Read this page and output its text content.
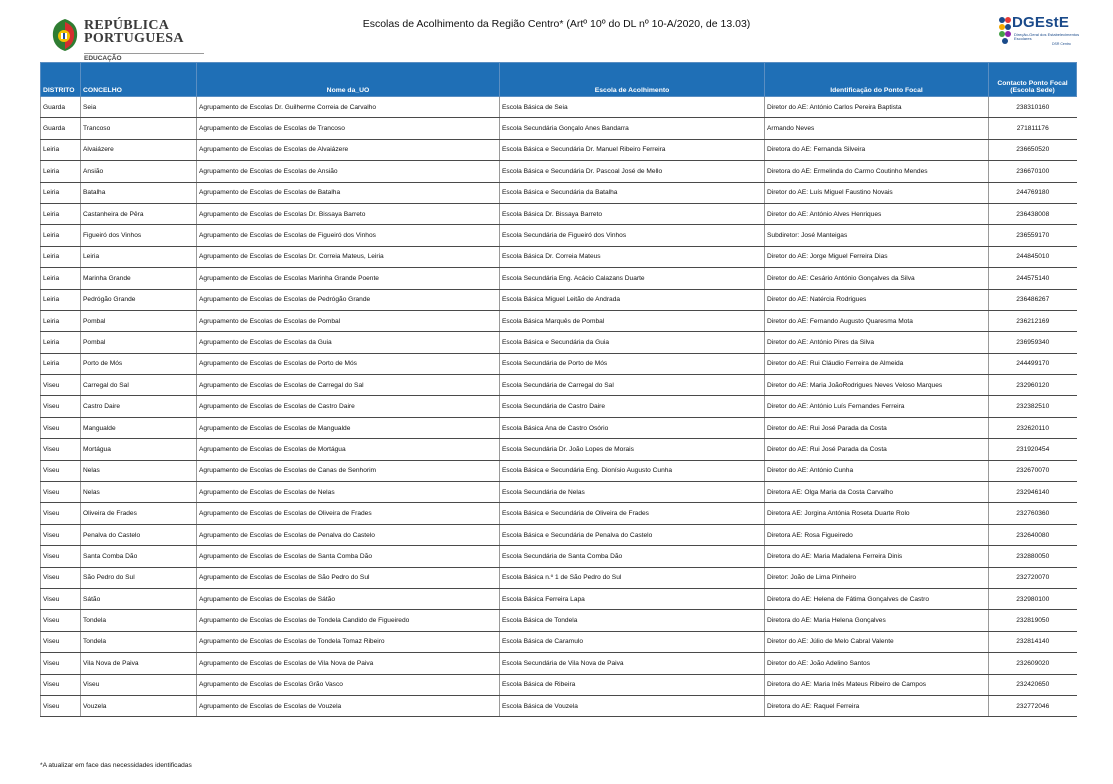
REPÚBLICA
PORTUGUESA
EDUCAÇÃO
Escolas de Acolhimento da Região Centro* (Artº 10º do DL nº 10-A/2020, de 13.03)	DGEstE
Direção-Geral dos Estabelecimentos Escolares
DSR Centro
DISTRITO	CONCELHO	Nome da_UO	Escola de Acolhimento	Identificação do Ponto Focal	Contacto Ponto Focal (Escola Sede)
Guarda	Seia	Agrupamento de Escolas Dr. Guilherme Correia de Carvalho	Escola Básica de Seia	Diretor do AE: António Carlos Pereira Baptista	238310160
Guarda	Trancoso	Agrupamento de Escolas de Escolas de Trancoso	Escola Secundária Gonçalo Anes Bandarra	Armando Neves	271811176
Leiria	Alvaiázere	Agrupamento de Escolas de Escolas de Alvaiázere	Escola Básica e Secundária Dr. Manuel Ribeiro Ferreira	Diretora do AE: Fernanda Silveira	236650520
Leiria	Ansião	Agrupamento de Escolas de Escolas de Ansião	Escola Básica e Secundária Dr. Pascoal José de Mello	Diretora do AE: Ermelinda do Carmo Coutinho Mendes	236670100
Leiria	Batalha	Agrupamento de Escolas de Escolas de Batalha	Escola Básica e Secundária da Batalha	Diretor do AE: Luís Miguel Faustino Novais	244769180
Leiria	Castanheira de Pêra	Agrupamento de Escolas de Escolas Dr. Bissaya Barreto	Escola Básica Dr. Bissaya Barreto	Diretor do AE: António Alves Henriques	236438008
Leiria	Figueiró dos Vinhos	Agrupamento de Escolas de Escolas de Figueiró dos Vinhos	Escola Secundária de Figueiró dos Vinhos	Subdiretor: José Manteigas	236559170
Leiria	Leiria	Agrupamento de Escolas de Escolas Dr. Correia Mateus, Leiria	Escola Básica Dr. Correia Mateus	Diretor do AE: Jorge Miguel Ferreira Dias	244845010
Leiria	Marinha Grande	Agrupamento de Escolas de Escolas Marinha Grande Poente	Escola Secundária Eng. Acácio Calazans Duarte	Diretor do AE: Cesário António Gonçalves da Silva	244575140
Leiria	Pedrógão Grande	Agrupamento de Escolas de Escolas de Pedrógão Grande	Escola Básica Miguel Leitão de Andrada	Diretor do AE: Natércia Rodrigues	236486267
Leiria	Pombal	Agrupamento de Escolas de Escolas de Pombal	Escola Básica Marquês de Pombal	Diretor do AE: Fernando Augusto Quaresma Mota	236212169
Leiria	Pombal	Agrupamento de Escolas de Escolas da Guia	Escola Básica e Secundária da Guia	Diretor do AE: António Pires da Silva	236959340
Leiria	Porto de Mós	Agrupamento de Escolas de Escolas de Porto de Mós	Escola Secundária de Porto de Mós	Diretor do AE: Rui Cláudio Ferreira de Almeida	244499170
Viseu	Carregal do Sal	Agrupamento de Escolas de Escolas de Carregal do Sal	Escola Secundária de Carregal do Sal	Diretor do AE: Maria JoãoRodrigues Neves Veloso Marques	232960120
Viseu	Castro Daire	Agrupamento de Escolas de Escolas de Castro Daire	Escola Secundária de Castro Daire	Diretor do AE: António Luís Fernandes Ferreira	232382510
Viseu	Mangualde	Agrupamento de Escolas de Escolas de Mangualde	Escola Básica Ana de Castro Osório	Diretor do AE: Rui José Parada da Costa	232620110
Viseu	Mortágua	Agrupamento de Escolas de Escolas de Mortágua	Escola Secundária Dr. João Lopes de Morais	Diretor do AE: Rui José Parada da Costa	231920454
Viseu	Nelas	Agrupamento de Escolas de Escolas de Canas de Senhorim	Escola Básica e Secundária Eng. Dionísio Augusto Cunha	Diretor do AE: António Cunha	232670070
Viseu	Nelas	Agrupamento de Escolas de Escolas de Nelas	Escola Secundária de Nelas	Diretora AE: Olga Maria da Costa Carvalho	232946140
Viseu	Oliveira de Frades	Agrupamento de Escolas de Escolas de Oliveira de Frades	Escola Básica e Secundária de Oliveira de Frades	Diretora AE: Jorgina Antónia Roseta Duarte Rolo	232760360
Viseu	Penalva do Castelo	Agrupamento de Escolas de Escolas de Penalva do Castelo	Escola Básica e Secundária de Penalva do Castelo	Diretora AE: Rosa Figueiredo	232640080
Viseu	Santa Comba Dão	Agrupamento de Escolas de Escolas de Santa Comba Dão	Escola Secundária de Santa Comba Dão	Diretora do AE: Maria Madalena Ferreira Dinis	232880050
Viseu	São Pedro do Sul	Agrupamento de Escolas de Escolas de São Pedro do Sul	Escola Básica n.º 1 de São Pedro do Sul	Diretor: João de Lima Pinheiro	232720070
Viseu	Sátão	Agrupamento de Escolas de Escolas de Sátão	Escola Básica Ferreira Lapa	Diretora do AE: Helena de Fátima Gonçalves de Castro	232980100
Viseu	Tondela	Agrupamento de Escolas de Escolas de Tondela Candido de Figueiredo	Escola Básica de Tondela	Diretora do AE: Maria Helena Gonçalves	232819050
Viseu	Tondela	Agrupamento de Escolas de Escolas de Tondela Tomaz Ribeiro	Escola Básica de Caramulo	Diretor do AE: Júlio de Melo Cabral Valente	232814140
Viseu	Vila Nova de Paiva	Agrupamento de Escolas de Escolas de Vila Nova de Paiva	Escola Secundária de Vila Nova de Paiva	Diretor do AE: João Adelino Santos	232609020
Viseu	Viseu	Agrupamento de Escolas de Escolas Grão Vasco	Escola Básica de Ribeira	Diretora do AE: Maria Inês Mateus Ribeiro de Campos	232420650
Viseu	Vouzela	Agrupamento de Escolas de Escolas de Vouzela	Escola Básica de Vouzela	Diretora do AE: Raquel Ferreira	232772046
*A atualizar em face das necessidades identificadas
